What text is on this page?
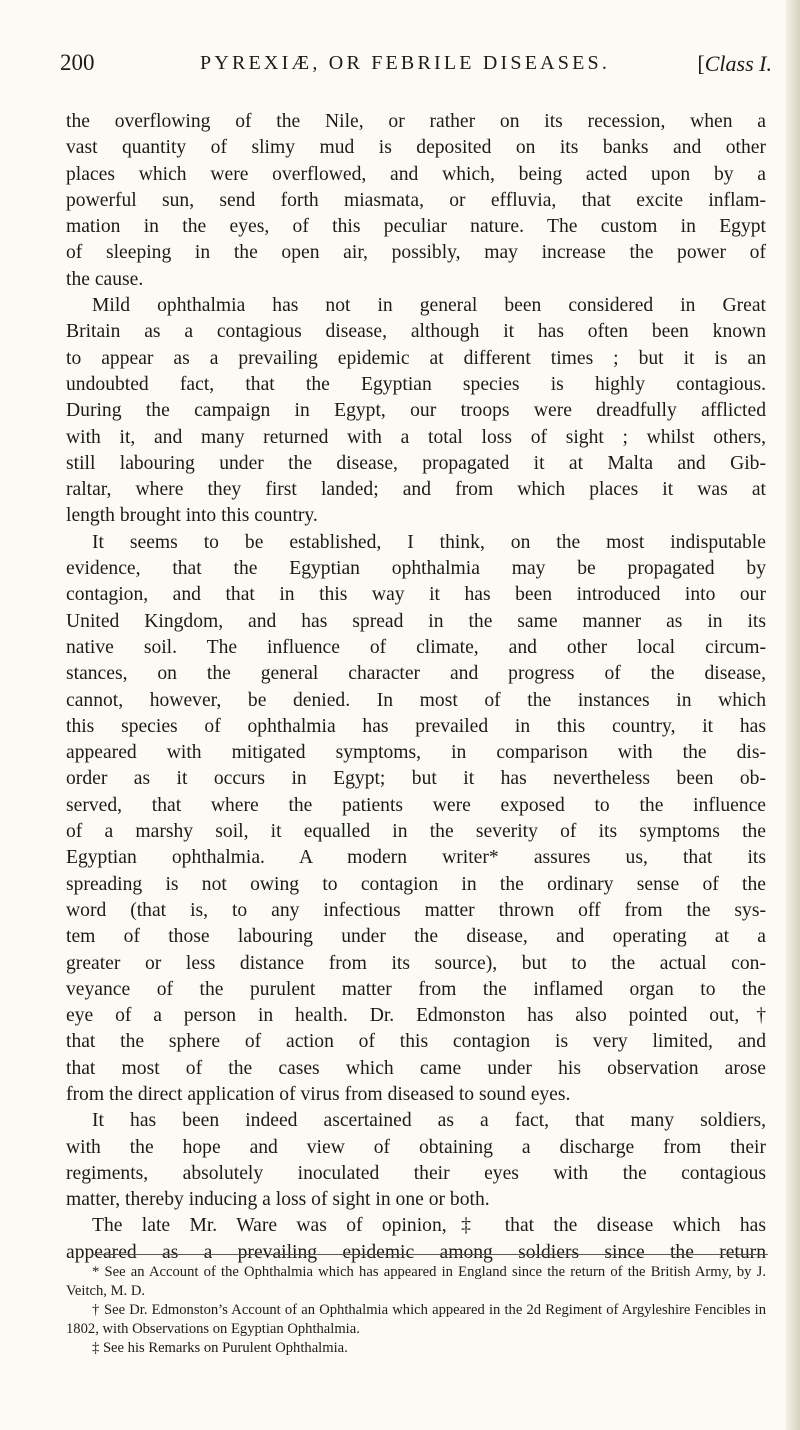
200	PYREXIÆ, OR FEBRILE DISEASES.	[Class I.

the overflowing of the Nile, or rather on its recession, when a

vast quantity of slimy mud is deposited on its banks and other

places which were overflowed, and which, being acted upon by a

powerful sun, send forth miasmata, or effluvia, that excite inflam-

mation in the eyes, of this peculiar nature. The custom in Egypt

of sleeping in the open air, possibly, may increase the power of

the cause.

Mild ophthalmia has not in general been considered in Great

Britain as a contagious disease, although it has often been known

to appear as a prevailing epidemic at different times ; but it is an

undoubted fact, that the Egyptian species is highly contagious.

During the campaign in Egypt, our troops were dreadfully afflicted

with it, and many returned with a total loss of sight ; whilst others,

still labouring under the disease, propagated it at Malta and Gib-

raltar, where they first landed; and from which places it was at

length brought into this country.

It seems to be established, I think, on the most indisputable

evidence, that the Egyptian ophthalmia may be propagated by

contagion, and that in this way it has been introduced into our

United Kingdom, and has spread in the same manner as in its

native soil. The influence of climate, and other local circum-

stances, on the general character and progress of the disease,

cannot, however, be denied. In most of the instances in which

this species of ophthalmia has prevailed in this country, it has

appeared with mitigated symptoms, in comparison with the dis-

order as it occurs in Egypt; but it has nevertheless been ob-

served, that where the patients were exposed to the influence

of a marshy soil, it equalled in the severity of its symptoms the

Egyptian ophthalmia. A modern writer* assures us, that its

spreading is not owing to contagion in the ordinary sense of the

word (that is, to any infectious matter thrown off from the sys-

tem of those labouring under the disease, and operating at a

greater or less distance from its source), but to the actual con-

veyance of the purulent matter from the inflamed organ to the

eye of a person in health. Dr. Edmonston has also pointed out,†

that the sphere of action of this contagion is very limited, and

that most of the cases which came under his observation arose

from the direct application of virus from diseased to sound eyes.

It has been indeed ascertained as a fact, that many soldiers,

with the hope and view of obtaining a discharge from their

regiments, absolutely inoculated their eyes with the contagious

matter, thereby inducing a loss of sight in one or both.

The late Mr. Ware was of opinion,‡ that the disease which has

appeared as a prevailing epidemic among soldiers since the return

* See an Account of the Ophthalmia which has appeared in England since the return of the British Army, by J. Veitch, M. D.

† See Dr. Edmonston’s Account of an Ophthalmia which appeared in the 2d Regiment of Argyleshire Fencibles in 1802, with Observations on Egyptian Ophthalmia.

‡ See his Remarks on Purulent Ophthalmia.
